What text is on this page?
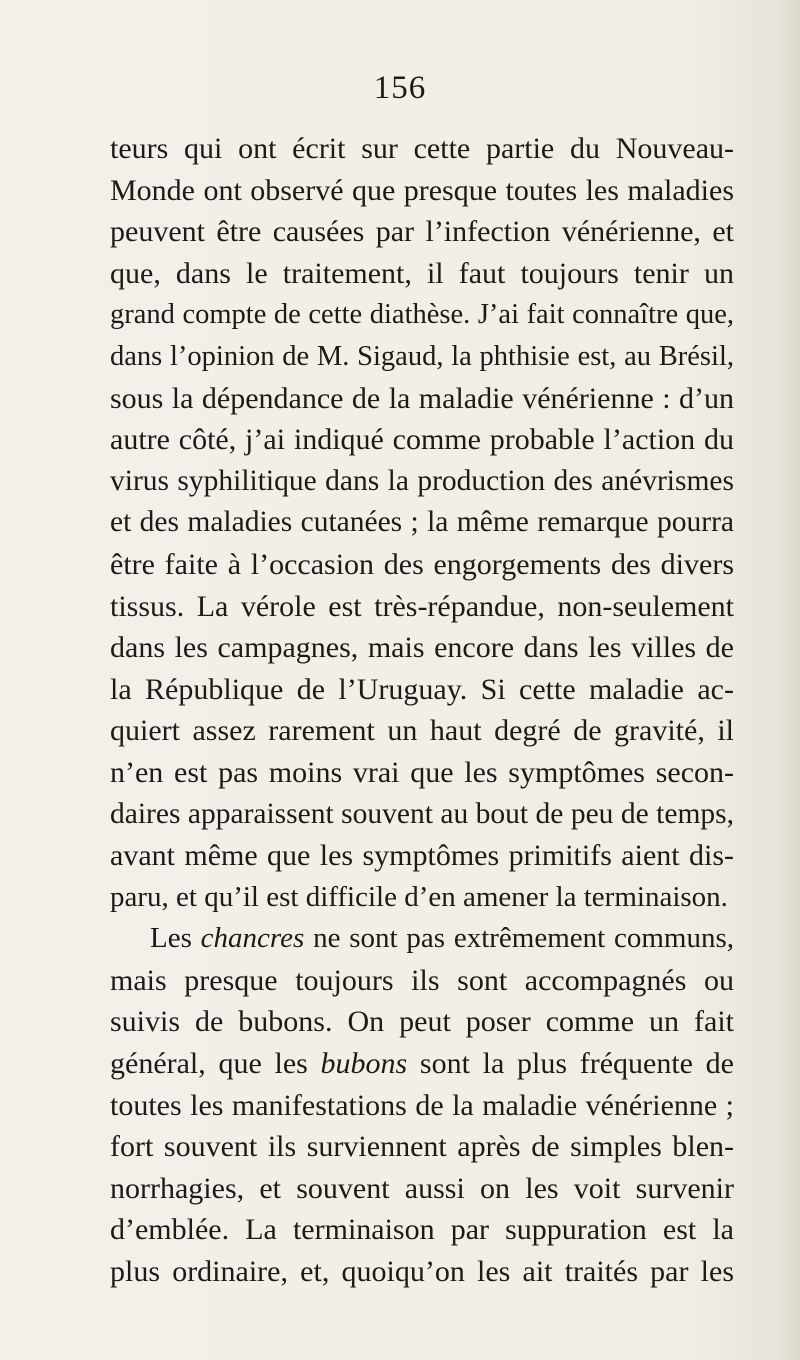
156
teurs qui ont écrit sur cette partie du Nouveau-
Monde ont observé que presque toutes les maladies
peuvent être causées par l’infection vénérienne, et
que, dans le traitement, il faut toujours tenir un
grand compte de cette diathèse. J’ai fait connaître que,
dans l’opinion de M. Sigaud, la phthisie est, au Brésil,
sous la dépendance de la maladie vénérienne : d’un
autre côté, j’ai indiqué comme probable l’action du
virus syphilitique dans la production des anévrismes
et des maladies cutanées ; la même remarque pourra
être faite à l’occasion des engorgements des divers
tissus. La vérole est très-répandue, non-seulement
dans les campagnes, mais encore dans les villes de
la République de l’Uruguay. Si cette maladie ac-
quiert assez rarement un haut degré de gravité, il
n’en est pas moins vrai que les symptômes secon-
daires apparaissent souvent au bout de peu de temps,
avant même que les symptômes primitifs aient dis-
paru, et qu’il est difficile d’en amener la terminaison.
Les chancres ne sont pas extrêmement communs,
mais presque toujours ils sont accompagnés ou
suivis de bubons. On peut poser comme un fait
général, que les bubons sont la plus fréquente de
toutes les manifestations de la maladie vénérienne ;
fort souvent ils surviennent après de simples blen-
norrhagies, et souvent aussi on les voit survenir
d’emblée. La terminaison par suppuration est la
plus ordinaire, et, quoiqu’on les ait traités par les
